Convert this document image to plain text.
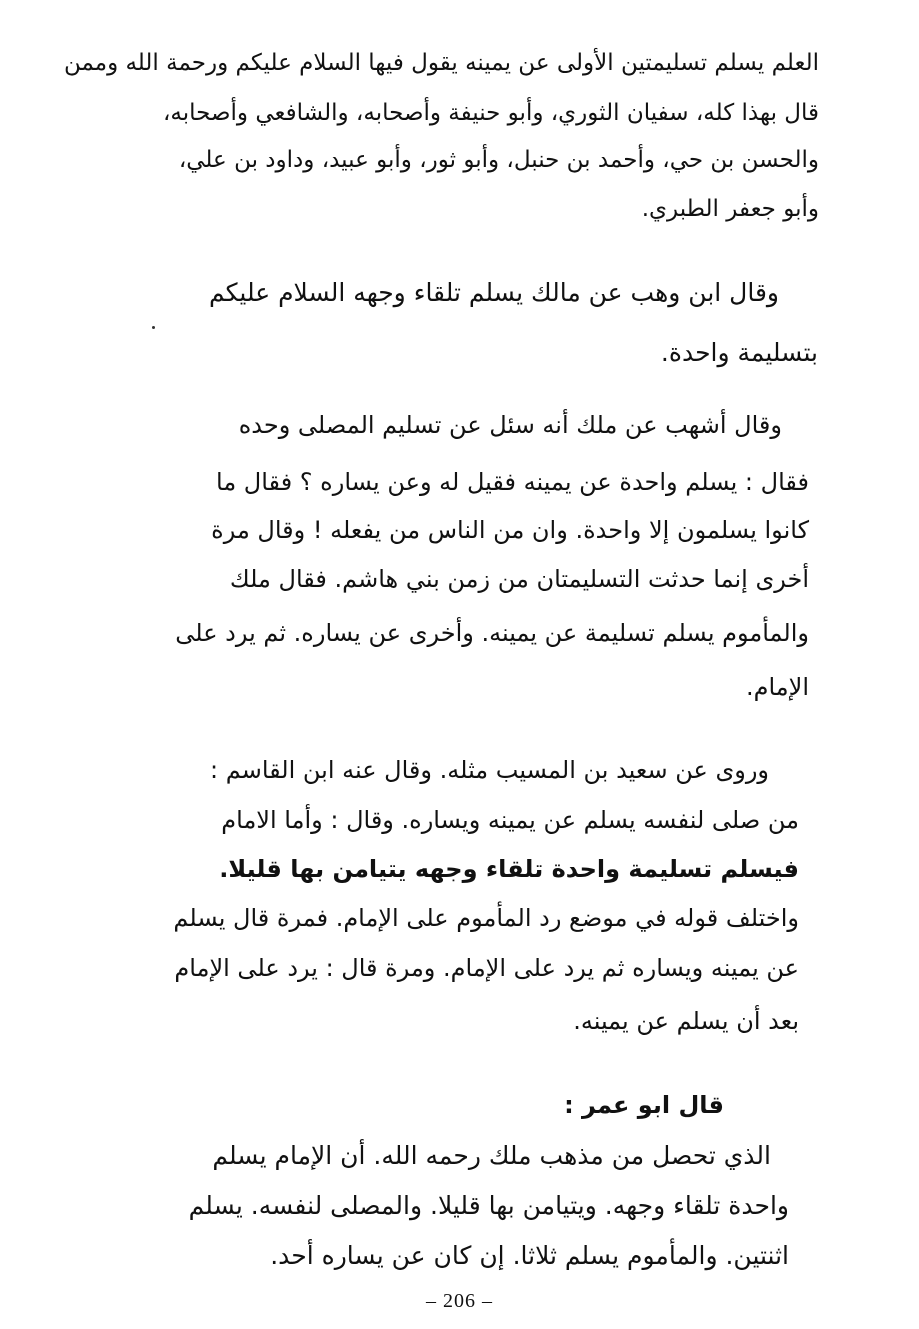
العلم يسلم تسليمتين الأولى عن يمينه يقول فيها السلام عليكم ورحمة الله وممن
قال بهذا كله، سفيان الثوري، وأبو حنيفة وأصحابه، والشافعي وأصحابه،
والحسن بن حي، وأحمد بن حنبل، وأبو ثور، وأبو عبيد، وداود بن علي،
وأبو جعفر الطبري.
وقال ابن وهب عن مالك يسلم تلقاء وجهه السلام عليكم
بتسليمة واحدة.
وقال أشهب عن ملك أنه سئل عن تسليم المصلى وحده
فقال : يسلم واحدة عن يمينه فقيل له وعن يساره ؟ فقال ما
كانوا يسلمون إلا واحدة. وان من الناس من يفعله ! وقال مرة
أخرى إنما حدثت التسليمتان من زمن بني هاشم. فقال ملك
والمأموم يسلم تسليمة عن يمينه. وأخرى عن يساره. ثم يرد على
الإمام.
وروى عن سعيد بن المسيب مثله. وقال عنه ابن القاسم :
من صلى لنفسه يسلم عن يمينه ويساره. وقال : وأما الامام
فيسلم تسليمة واحدة تلقاء وجهه يتيامن بها قليلا.
واختلف قوله في موضع رد المأموم على الإمام. فمرة قال يسلم
عن يمينه ويساره ثم يرد على الإمام. ومرة قال : يرد على الإمام
بعد أن يسلم عن يمينه.
قال ابو عمر :
الذي تحصل من مذهب ملك رحمه الله. أن الإمام يسلم
واحدة تلقاء وجهه. ويتيامن بها قليلا. والمصلى لنفسه. يسلم
اثنتين. والمأموم يسلم ثلاثا. إن كان عن يساره أحد.
– 206 –
